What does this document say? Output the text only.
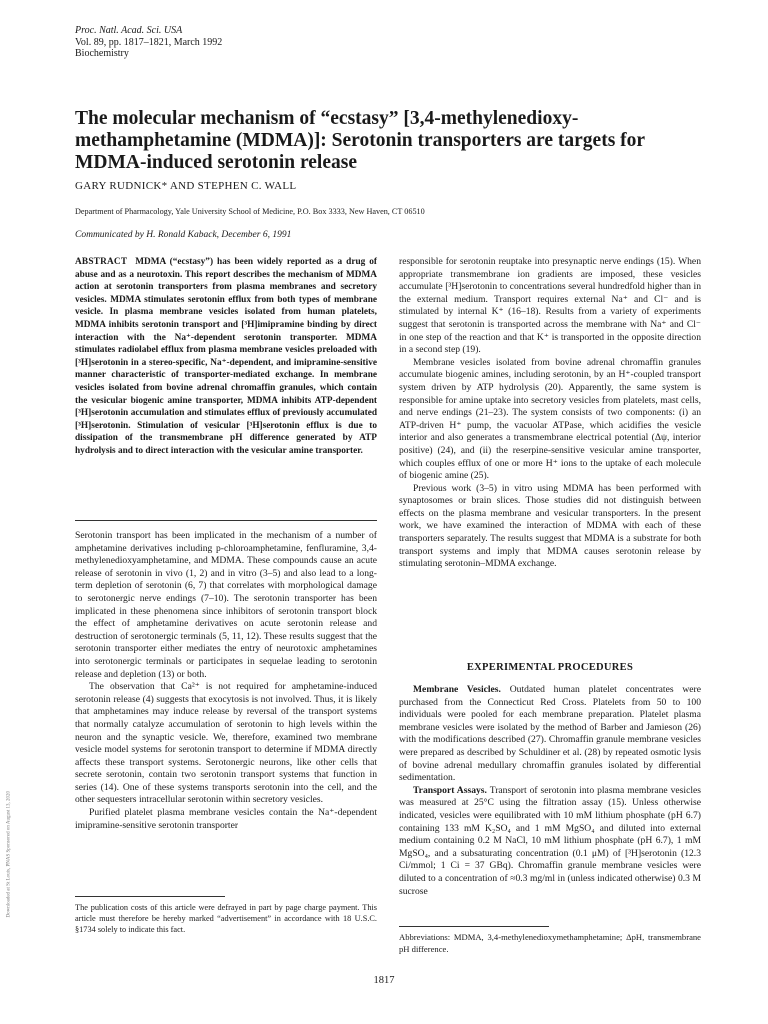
Proc. Natl. Acad. Sci. USA
Vol. 89, pp. 1817–1821, March 1992
Biochemistry
The molecular mechanism of “ecstasy” [3,4-methylenedioxy-methamphetamine (MDMA)]: Serotonin transporters are targets for MDMA-induced serotonin release
GARY RUDNICK* AND STEPHEN C. WALL
Department of Pharmacology, Yale University School of Medicine, P.O. Box 3333, New Haven, CT 06510
Communicated by H. Ronald Kaback, December 6, 1991
ABSTRACT MDMA (“ecstasy”) has been widely reported as a drug of abuse and as a neurotoxin. This report describes the mechanism of MDMA action at serotonin transporters from plasma membranes and secretory vesicles. MDMA stimulates serotonin efflux from both types of membrane vesicle. In plasma membrane vesicles isolated from human platelets, MDMA inhibits serotonin transport and [³H]imipramine binding by direct interaction with the Na⁺-dependent serotonin transporter. MDMA stimulates radiolabel efflux from plasma membrane vesicles preloaded with [³H]serotonin in a stereo-specific, Na⁺-dependent, and imipramine-sensitive manner characteristic of transporter-mediated exchange. In membrane vesicles isolated from bovine adrenal chromaffin granules, which contain the vesicular biogenic amine transporter, MDMA inhibits ATP-dependent [³H]serotonin accumulation and stimulates efflux of previously accumulated [³H]serotonin. Stimulation of vesicular [³H]serotonin efflux is due to dissipation of the transmembrane pH difference generated by ATP hydrolysis and to direct interaction with the vesicular amine transporter.

Serotonin transport has been implicated in the mechanism of a number of amphetamine derivatives including p-chloroamphetamine, fenfluramine, 3,4-methylenedioxyamphetamine, and MDMA. These compounds cause an acute release of serotonin in vivo (1, 2) and in vitro (3–5) and also lead to a long-term depletion of serotonin (6, 7) that correlates with morphological damage to serotonergic nerve endings (7–10). The serotonin transporter has been implicated in these phenomena since inhibitors of serotonin transport block the effect of amphetamine derivatives on acute serotonin release and destruction of serotonergic terminals (5, 11, 12). These results suggest that the serotonin transporter either mediates the entry of neurotoxic amphetamines into serotonergic terminals or participates in sequelae leading to serotonin release and depletion (13) or both.

The observation that Ca²⁺ is not required for amphetamine-induced serotonin release (4) suggests that exocytosis is not involved. Thus, it is likely that amphetamines may induce release by reversal of the transport systems that normally catalyze accumulation of serotonin to high levels within the neuron and the synaptic vesicle. We, therefore, examined two membrane vesicle model systems for serotonin transport to determine if MDMA directly affects these transport systems. Serotonergic neurons, like other cells that secrete serotonin, contain two serotonin transport systems that function in series (14). One of these systems transports serotonin into the cell, and the other sequesters intracellular serotonin within secretory vesicles.

Purified platelet plasma membrane vesicles contain the Na⁺-dependent imipramine-sensitive serotonin transporter

The publication costs of this article were defrayed in part by page charge payment. This article must therefore be hereby marked “advertisement” in accordance with 18 U.S.C. §1734 solely to indicate this fact.

responsible for serotonin reuptake into presynaptic nerve endings (15). When appropriate transmembrane ion gradients are imposed, these vesicles accumulate [³H]serotonin to concentrations several hundredfold higher than in the external medium. Transport requires external Na⁺ and Cl⁻ and is stimulated by internal K⁺ (16–18). Results from a variety of experiments suggest that serotonin is transported across the membrane with Na⁺ and Cl⁻ in one step of the reaction and that K⁺ is transported in the opposite direction in a second step (19).

Membrane vesicles isolated from bovine adrenal chromaffin granules accumulate biogenic amines, including serotonin, by an H⁺-coupled transport system driven by ATP hydrolysis (20). Apparently, the same system is responsible for amine uptake into secretory vesicles from platelets, mast cells, and nerve endings (21–23). The system consists of two components: (i) an ATP-driven H⁺ pump, the vacuolar ATPase, which acidifies the vesicle interior and also generates a transmembrane electrical potential (Δψ, interior positive) (24), and (ii) the reserpine-sensitive vesicular amine transporter, which couples efflux of one or more H⁺ ions to the uptake of each molecule of biogenic amine (25).

Previous work (3–5) in vitro using MDMA has been performed with synaptosomes or brain slices. Those studies did not distinguish between effects on the plasma membrane and vesicular transporters. In the present work, we have examined the interaction of MDMA with each of these transporters separately. The results suggest that MDMA is a substrate for both transport systems and imply that MDMA causes serotonin release by stimulating serotonin–MDMA exchange.

EXPERIMENTAL PROCEDURES

Membrane Vesicles. Outdated human platelet concentrates were purchased from the Connecticut Red Cross. Platelets from 50 to 100 individuals were pooled for each membrane preparation. Platelet plasma membrane vesicles were isolated by the method of Barber and Jamieson (26) with the modifications described (27). Chromaffin granule membrane vesicles were prepared as described by Schuldiner et al. (28) by repeated osmotic lysis of bovine adrenal medullary chromaffin granules isolated by differential sedimentation.

Transport Assays. Transport of serotonin into plasma membrane vesicles was measured at 25°C using the filtration assay (15). Unless otherwise indicated, vesicles were equilibrated with 10 mM lithium phosphate (pH 6.7) containing 133 mM K₂SO₄ and 1 mM MgSO₄ and diluted into external medium containing 0.2 M NaCl, 10 mM lithium phosphate (pH 6.7), 1 mM MgSO₄, and a subsaturating concentration (0.1 μM) of [³H]serotonin (12.3 Ci/mmol; 1 Ci = 37 GBq). Chromaffin granule membrane vesicles were diluted to a concentration of ≈0.3 mg/ml in (unless indicated otherwise) 0.3 M sucrose

Abbreviations: MDMA, 3,4-methylenedioxymethamphetamine; ΔpH, transmembrane pH difference.
1817
Downloaded at St Louis, PNAS Sponsored on August 13, 2020
